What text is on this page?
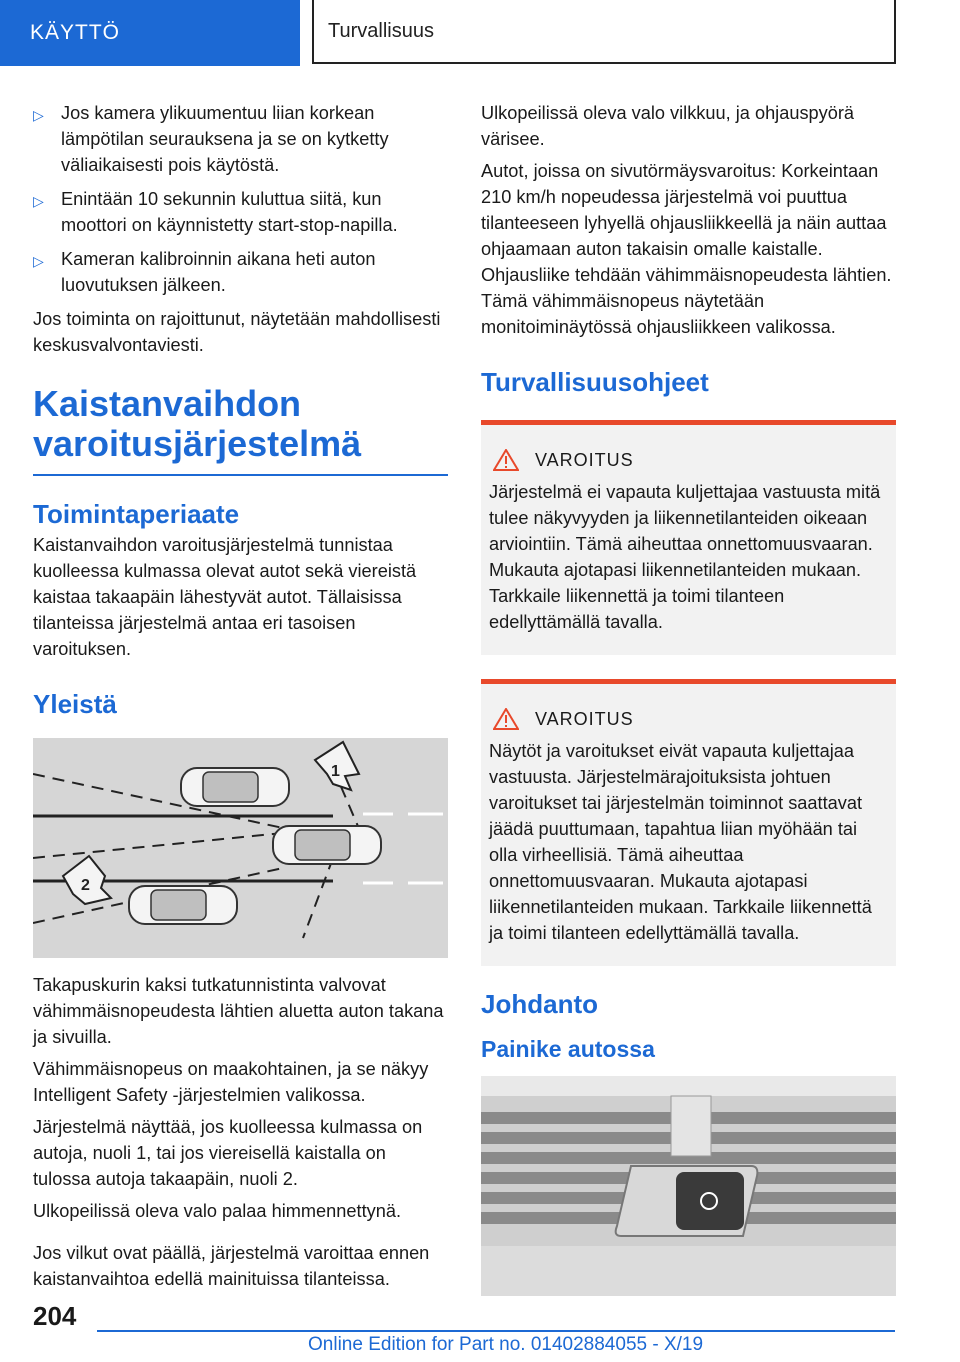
KÄYTTÖ	Turvallisuus
▷ Jos kamera ylikuumentuu liian korkean lämpötilan seurauksena ja se on kytketty väliaikaisesti pois käytöstä.
▷ Enintään 10 sekunnin kuluttua siitä, kun moottori on käynnistetty start-stop-napilla.
▷ Kameran kalibroinnin aikana heti auton luovutuksen jälkeen.

Jos toiminta on rajoittunut, näytetään mahdollisesti keskusvalvontaviesti.

Kaistanvaihdon varoitusjärjestelmä
Toimintaperiaate

Kaistanvaihdon varoitusjärjestelmä tunnistaa kuolleessa kulmassa olevat autot sekä viereistä kaistaa takaapäin lähestyvät autot. Tällaisissa tilanteissa järjestelmä antaa eri tasoisen varoituksen.

Yleistä
1
2

Takapuskurin kaksi tutkatunnistinta valvovat vähimmäisnopeudesta lähtien aluetta auton takana ja sivuilla.

Vähimmäisnopeus on maakohtainen, ja se näkyy Intelligent Safety -järjestelmien valikossa.

Järjestelmä näyttää, jos kuolleessa kulmassa on autoja, nuoli 1, tai jos viereisellä kaistalla on tulossa autoja takaapäin, nuoli 2.

Ulkopeilissä oleva valo palaa himmennettynä.

Jos vilkut ovat päällä, järjestelmä varoittaa ennen kaistanvaihtoa edellä mainituissa tilanteissa.

Ulkopeilissä oleva valo vilkkuu, ja ohjauspyörä värisee.

Autot, joissa on sivutörmäysvaroitus: Korkeintaan 210 km/h nopeudessa järjestelmä voi puuttua tilanteeseen lyhyellä ohjausliikkeellä ja näin auttaa ohjaamaan auton takaisin omalle kaistalle. Ohjausliike tehdään vähimmäisnopeudesta lähtien. Tämä vähimmäisnopeus näytetään monitoiminäytössä ohjausliikkeen valikossa.

Turvallisuusohjeet
VAROITUS
Järjestelmä ei vapauta kuljettajaa vastuusta mitä tulee näkyvyyden ja liikennetilanteiden oikeaan arviointiin. Tämä aiheuttaa onnettomuusvaaran. Mukauta ajotapasi liikennetilanteiden mukaan. Tarkkaile liikennettä ja toimi tilanteen edellyttämällä tavalla.
VAROITUS
Näytöt ja varoitukset eivät vapauta kuljettajaa vastuusta. Järjestelmärajoituksista johtuen varoitukset tai järjestelmän toiminnot saattavat jäädä puuttumaan, tapahtua liian myöhään tai olla virheellisiä. Tämä aiheuttaa onnettomuusvaaran. Mukauta ajotapasi liikennetilanteiden mukaan. Tarkkaile liikennettä ja toimi tilanteen edellyttämällä tavalla.
Johdanto
Painike autossa
204
Online Edition for Part no. 01402884055 - X/19
